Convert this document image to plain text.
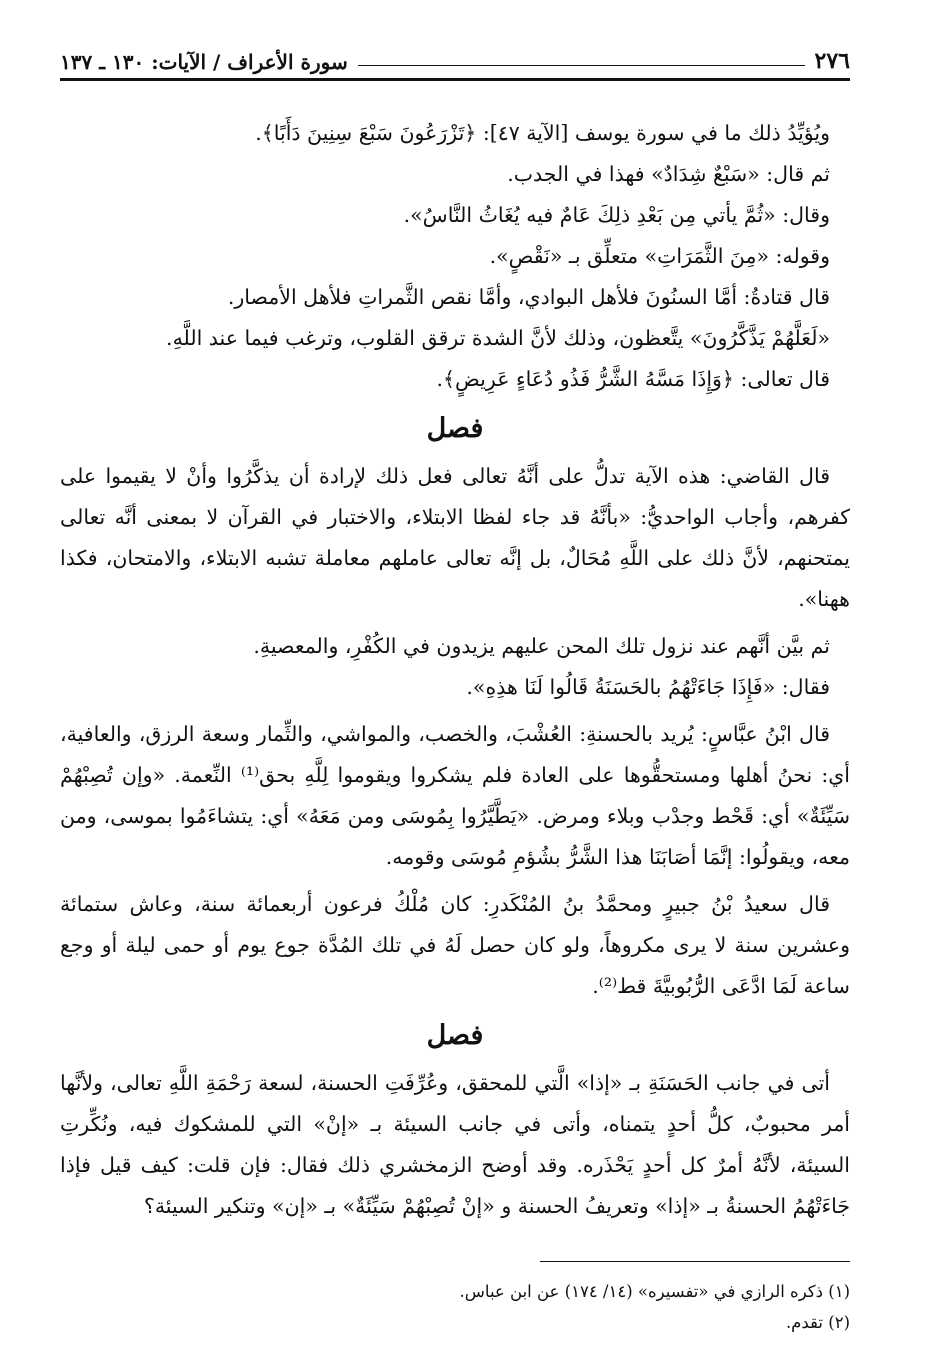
٢٧٦
سورة الأعراف / الآيات: ١٣٠ ـ ١٣٧

ويُؤيِّدُ ذلك ما في سورة يوسف [الآية ٤٧]: ﴿تَزْرَعُونَ سَبْعَ سِنِينَ دَأَبًا﴾.

ثم قال: «سَبْعٌ شِدَادٌ» فهذا في الجدب.

وقال: «ثُمَّ يأتي مِن بَعْدِ ذلِكَ عَامٌ فيه يُغَاثُ النَّاسُ».

وقوله: «مِنَ الثَّمَرَاتِ» متعلِّق بـ «نَقْصٍ».

قال قتادةُ: أمَّا السنُونَ فلأهل البوادي، وأمَّا نقص الثَّمراتِ فلأهل الأمصار.

«لَعَلَّهُمْ يَذَّكَّرُونَ» يتَّعظون، وذلك لأنَّ الشدة ترقق القلوب، وترغب فيما عند اللَّهِ.

قال تعالى: ﴿وَإِذَا مَسَّهُ الشَّرُّ فَذُو دُعَاءٍ عَرِيضٍ﴾.

فصل

قال القاضي: هذه الآية تدلُّ على أنَّهُ تعالى فعل ذلك لإرادة أن يذكَّرُوا وأنْ لا يقيموا على كفرهم، وأجاب الواحديُّ: «بأنَّهُ قد جاء لفظا الابتلاء، والاختبار في القرآن لا بمعنى أنَّه تعالى يمتحنهم، لأنَّ ذلك على اللَّهِ مُحَالٌ، بل إنَّه تعالى عاملهم معاملة تشبه الابتلاء، والامتحان، فكذا ههنا».

ثم بيَّن أنَّهم عند نزول تلك المحن عليهم يزيدون في الكُفْرِ، والمعصيةِ.

فقال: «فَإِذَا جَاءَتْهُمُ بالحَسَنَةُ قَالُوا لَنَا هذِهِ».

قال ابْنُ عبَّاسٍ: يُريد بالحسنةِ: العُشْبَ، والخصب، والمواشي، والثِّمار وسعة الرزق، والعافية، أي: نحنُ أهلها ومستحقُّوها على العادة فلم يشكروا ويقوموا لِلَّهِ بحق⁽¹⁾ النِّعمة. «وإن تُصِبْهُمْ سَيِّئَةٌ» أي: قَحْط وجدْب وبلاء ومرض. «يَطَّيَّرُوا بِمُوسَى ومن مَعَهُ» أي: يتشاءَمُوا بموسى، ومن معه، ويقولُوا: إنَّمَا أصَابَنَا هذا الشَّرُّ بشُؤمِ مُوسَى وقومه.

قال سعيدُ بْنُ جبيرٍ ومحمَّدُ بنُ المُنْكَدرِ: كان مُلْكُ فرعون أربعمائة سنة، وعاش ستمائة وعشرين سنة لا يرى مكروهاً، ولو كان حصل لَهُ في تلك المُدَّة جوع يوم أو حمى ليلة أو وجع ساعة لَمَا ادَّعَى الرُّبُوبيَّةَ قط⁽²⁾.

فصل

أتى في جانب الحَسَنَةِ بـ «إذا» الَّتي للمحقق، وعُرِّفَتِ الحسنة، لسعة رَحْمَةِ اللَّهِ تعالى، ولأنَّها أمر محبوبٌ، كلُّ أحدٍ يتمناه، وأتى في جانب السيئة بـ «إنْ» التي للمشكوك فيه، ونُكِّرتِ السيئة، لأنَّهُ أمرٌ كل أحدٍ يَحْذَره. وقد أوضح الزمخشري ذلك فقال: فإن قلت: كيف قيل فإذا جَاءَتْهُمُ الحسنةُ بـ «إذا» وتعريفُ الحسنة و «إنْ تُصِبْهُمْ سَيِّئَةٌ» بـ «إن» وتنكير السيئة؟

(١) ذكره الرازي في «تفسيره» (١٤/ ١٧٤) عن ابن عباس.

(٢) تقدم.
